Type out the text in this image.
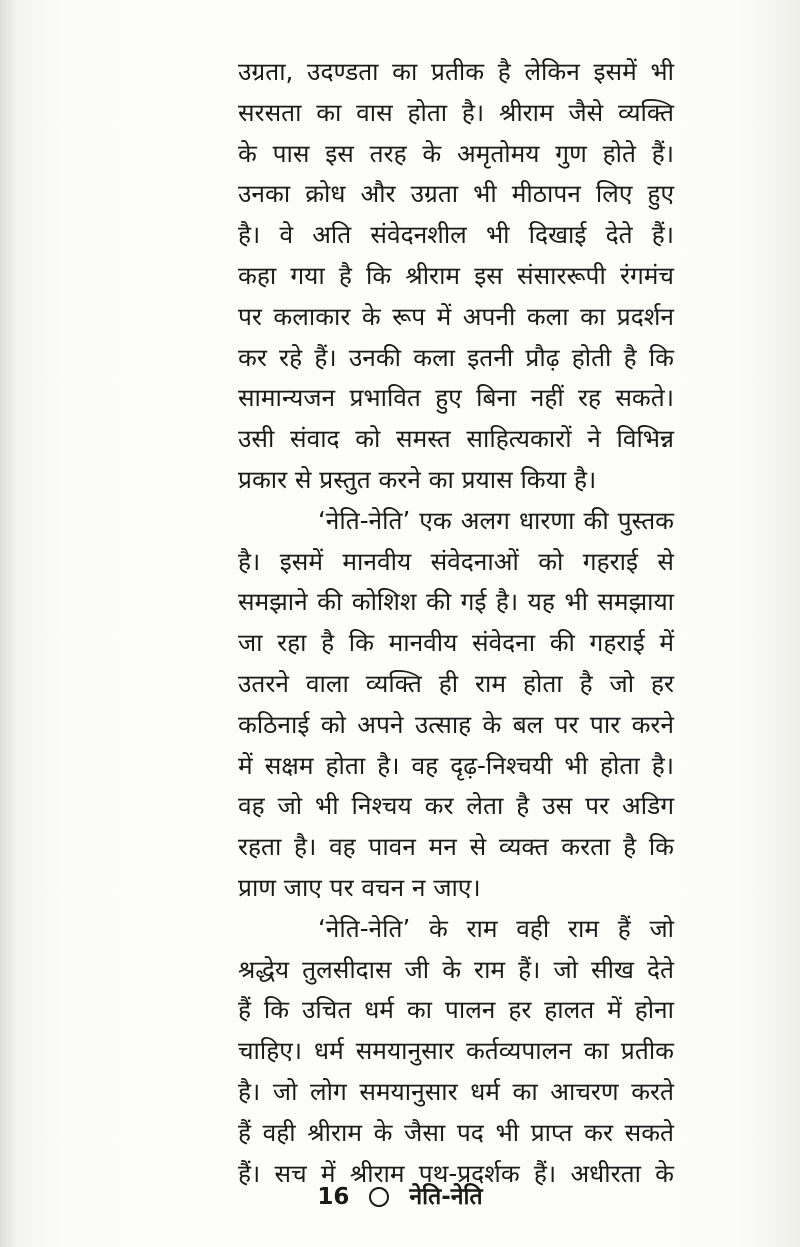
उग्रता, उदण्डता का प्रतीक है लेकिन इसमें भी
सरसता का वास होता है। श्रीराम जैसे व्यक्ति
के पास इस तरह के अमृतोमय गुण होते हैं।
उनका क्रोध और उग्रता भी मीठापन लिए हुए
है। वे अति संवेदनशील भी दिखाई देते हैं।
कहा गया है कि श्रीराम इस संसाररूपी रंगमंच
पर कलाकार के रूप में अपनी कला का प्रदर्शन
कर रहे हैं। उनकी कला इतनी प्रौढ़ होती है कि
सामान्यजन प्रभावित हुए बिना नहीं रह सकते।
उसी संवाद को समस्त साहित्यकारों ने विभिन्न
प्रकार से प्रस्तुत करने का प्रयास किया है।
‘नेति-नेति’ एक अलग धारणा की पुस्तक
है। इसमें मानवीय संवेदनाओं को गहराई से
समझाने की कोशिश की गई है। यह भी समझाया
जा रहा है कि मानवीय संवेदना की गहराई में
उतरने वाला व्यक्ति ही राम होता है जो हर
कठिनाई को अपने उत्साह के बल पर पार करने
में सक्षम होता है। वह दृढ़-निश्चयी भी होता है।
वह जो भी निश्चय कर लेता है उस पर अडिग
रहता है। वह पावन मन से व्यक्त करता है कि
प्राण जाए पर वचन न जाए।
‘नेति-नेति’ के राम वही राम हैं जो
श्रद्धेय तुलसीदास जी के राम हैं। जो सीख देते
हैं कि उचित धर्म का पालन हर हालत में होना
चाहिए। धर्म समयानुसार कर्तव्यपालन का प्रतीक
है। जो लोग समयानुसार धर्म का आचरण करते
हैं वही श्रीराम के जैसा पद भी प्राप्त कर सकते
हैं। सच में श्रीराम पथ-प्रदर्शक हैं। अधीरता के
16	नेति-नेति
